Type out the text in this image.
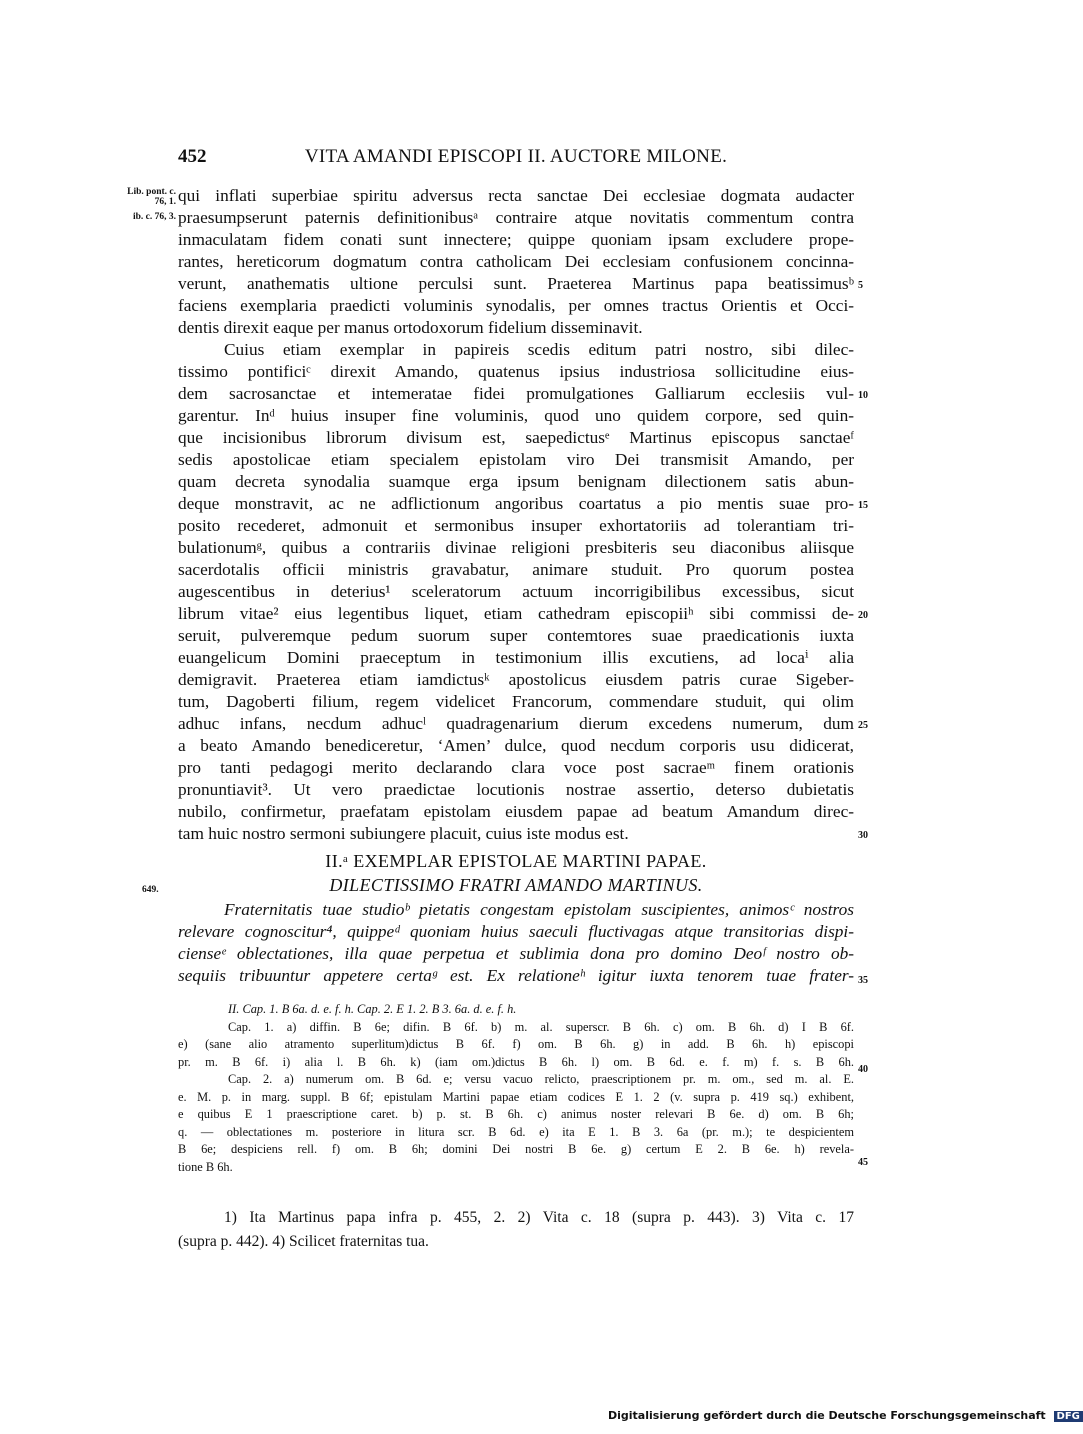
452	VITA AMANDI EPISCOPI II. AUCTORE MILONE.
Lib. pont. c. 76, 1.
ib. c. 76, 3.
649.
qui inflati superbiae spiritu adversus recta sanctae Dei ecclesiae dogmata audacter
praesumpserunt paternis definitionibusᵃ contraire atque novitatis commentum contra
inmaculatam fidem conati sunt innectere; quippe quoniam ipsam excludere prope-
rantes, hereticorum dogmatum contra catholicam Dei ecclesiam confusionem concinna-
verunt, anathematis ultione perculsi sunt. Praeterea Martinus papa beatissimusᵇ
faciens exemplaria praedicti voluminis synodalis, per omnes tractus Orientis et Occi-
dentis direxit eaque per manus ortodoxorum fidelium disseminavit.
Cuius etiam exemplar in papireis scedis editum patri nostro, sibi dilec-
tissimo pontificiᶜ direxit Amando, quatenus ipsius industriosa sollicitudine eius-
dem sacrosanctae et intemeratae fidei promulgationes Galliarum ecclesiis vul-
garentur. Inᵈ huius insuper fine voluminis, quod uno quidem corpore, sed quin-
que incisionibus librorum divisum est, saepedictusᵉ Martinus episcopus sanctaeᶠ
sedis apostolicae etiam specialem epistolam viro Dei transmisit Amando, per
quam decreta synodalia suamque erga ipsum benignam dilectionem satis abun-
deque monstravit, ac ne adflictionum angoribus coartatus a pio mentis suae pro-
posito recederet, admonuit et sermonibus insuper exhortatoriis ad tolerantiam tri-
bulationumᵍ, quibus a contrariis divinae religioni presbiteris seu diaconibus aliisque
sacerdotalis officii ministris gravabatur, animare studuit. Pro quorum postea
augescentibus in deterius¹ sceleratorum actuum incorrigibilibus excessibus, sicut
librum vitae² eius legentibus liquet, etiam cathedram episcopiiʰ sibi commissi de-
seruit, pulveremque pedum suorum super contemtores suae praedicationis iuxta
euangelicum Domini praeceptum in testimonium illis excutiens, ad locaⁱ alia
demigravit. Praeterea etiam iamdictusᵏ apostolicus eiusdem patris curae Sigeber-
tum, Dagoberti filium, regem videlicet Francorum, commendare studuit, qui olim
adhuc infans, necdum adhucˡ quadragenarium dierum excedens numerum, dum
a beato Amando benediceretur, ‘Amen’ dulce, quod necdum corporis usu didicerat,
pro tanti pedagogi merito declarando clara voce post sacraeᵐ finem orationis
pronuntiavit³. Ut vero praedictae locutionis nostrae assertio, deterso dubietatis
nubilo, confirmetur, praefatam epistolam eiusdem papae ad beatum Amandum direc-
tam huic nostro sermoni subiungere placuit, cuius iste modus est.
5
10
15
20
25
30
II.ᵃ EXEMPLAR EPISTOLAE MARTINI PAPAE.
DILECTISSIMO FRATRI AMANDO MARTINUS.
Fraternitatis tuae studioᵇ pietatis congestam epistolam suscipientes, animosᶜ nostros
relevare cognoscitur⁴, quippeᵈ quoniam huius saeculi fluctivagas atque transitorias dispi-
cienseᵉ oblectationes, illa quae perpetua et sublimia dona pro domino Deoᶠ nostro ob-
sequiis tribuuntur appetere certaᵍ est. Ex relationeʰ igitur iuxta tenorem tuae frater- 35
II. Cap. 1. B 6a. d. e. f. h. Cap. 2. E 1. 2. B 3. 6a. d. e. f. h.
Cap. 1. a) diffin. B 6e; difin. B 6f. b) m. al. superscr. B 6h. c) om. B 6h. d) I B 6f.
e) (sane alio atramento superlitum)dictus B 6f. f) om. B 6h. g) in add. B 6h. h) episcopi
pr. m. B 6f. i) alia l. B 6h. k) (iam om.)dictus B 6h. l) om. B 6d. e. f. m) f. s. B 6h.
Cap. 2. a) numerum om. B 6d. e; versu vacuo relicto, praescriptionem pr. m. om., sed m. al. E.
e. M. p. in marg. suppl. B 6f; epistulam Martini papae etiam codices E 1. 2 (v. supra p. 419 sq.) exhibent,
e quibus E 1 praescriptione caret. b) p. st. B 6h. c) animus noster relevari B 6e. d) om. B 6h;
q. — oblectationes m. posteriore in litura scr. B 6d. e) ita E 1. B 3. 6a (pr. m.); te despicientem
B 6e; despiciens rell. f) om. B 6h; domini Dei nostri B 6e. g) certum E 2. B 6e. h) revela-
tione B 6h.
40
45
1) Ita Martinus papa infra p. 455, 2. 2) Vita c. 18 (supra p. 443). 3) Vita c. 17
(supra p. 442). 4) Scilicet fraternitas tua.
Digitalisierung gefördert durch die Deutsche Forschungsgemeinschaft DFG
